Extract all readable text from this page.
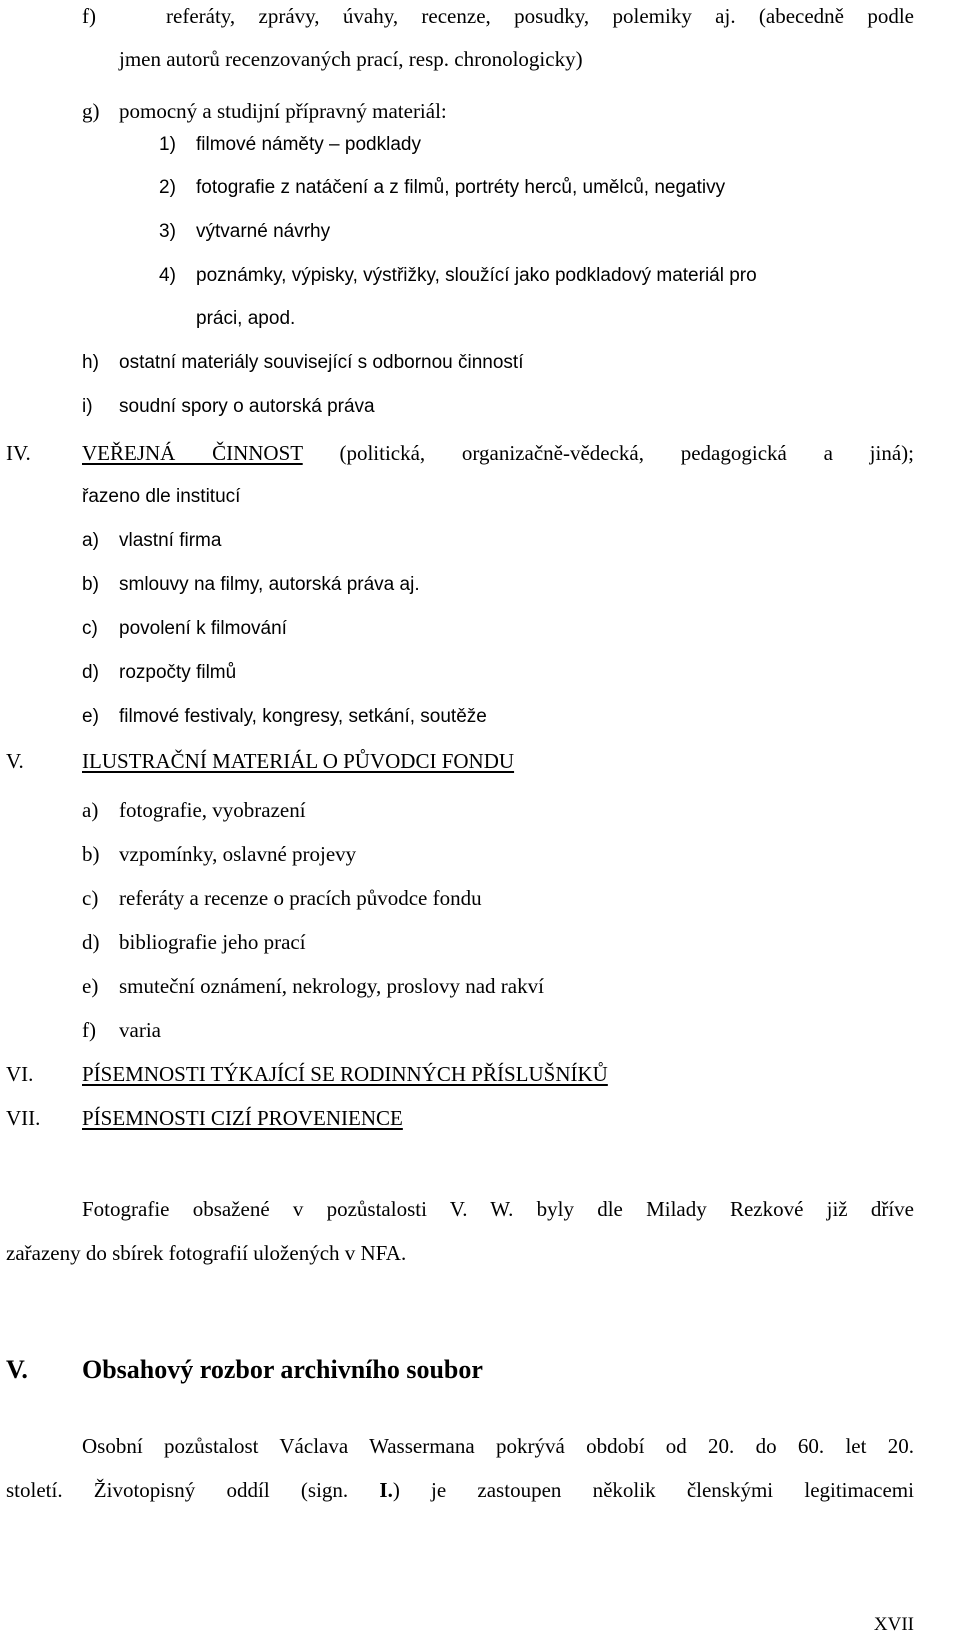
f)	referáty, zprávy, úvahy, recenze, posudky, polemiky aj. (abecedně podle
jmen autorů recenzovaných prací, resp. chronologicky)
g) pomocný a studijní přípravný materiál:
1) filmové náměty – podklady
2) fotografie z natáčení a z filmů, portréty herců, umělců, negativy
3) výtvarné návrhy
4) poznámky, výpisky, výstřižky, sloužící jako podkladový materiál pro
práci, apod.
h) ostatní materiály související s odbornou činností
i) soudní spory o autorská práva
IV. VEŘEJNÁ ČINNOST (politická, organizačně-vědecká, pedagogická a jiná);
řazeno dle institucí
a) vlastní firma
b) smlouvy na filmy, autorská práva aj.
c) povolení k filmování
d) rozpočty filmů
e) filmové festivaly, kongresy, setkání, soutěže
V.	ILUSTRAČNÍ MATERIÁL O PŮVODCI FONDU
a) fotografie, vyobrazení
b) vzpomínky, oslavné projevy
c) referáty a recenze o pracích původce fondu
d) bibliografie jeho prací
e) smuteční oznámení, nekrology, proslovy nad rakví
f) varia
VI. PÍSEMNOSTI TÝKAJÍCÍ SE RODINNÝCH PŘÍSLUŠNÍKŮ
VII. PÍSEMNOSTI CIZÍ PROVENIENCE
Fotografie obsažené v pozůstalosti V. W. byly dle Milady Rezkové již dříve
zařazeny do sbírek fotografií uložených v NFA.
V. Obsahový rozbor archivního soubor
Osobní pozůstalost Václava Wassermana pokrývá období od 20. do 60. let 20.
století. Životopisný oddíl (sign. I.) je zastoupen několik členskými legitimacemi
XVII
